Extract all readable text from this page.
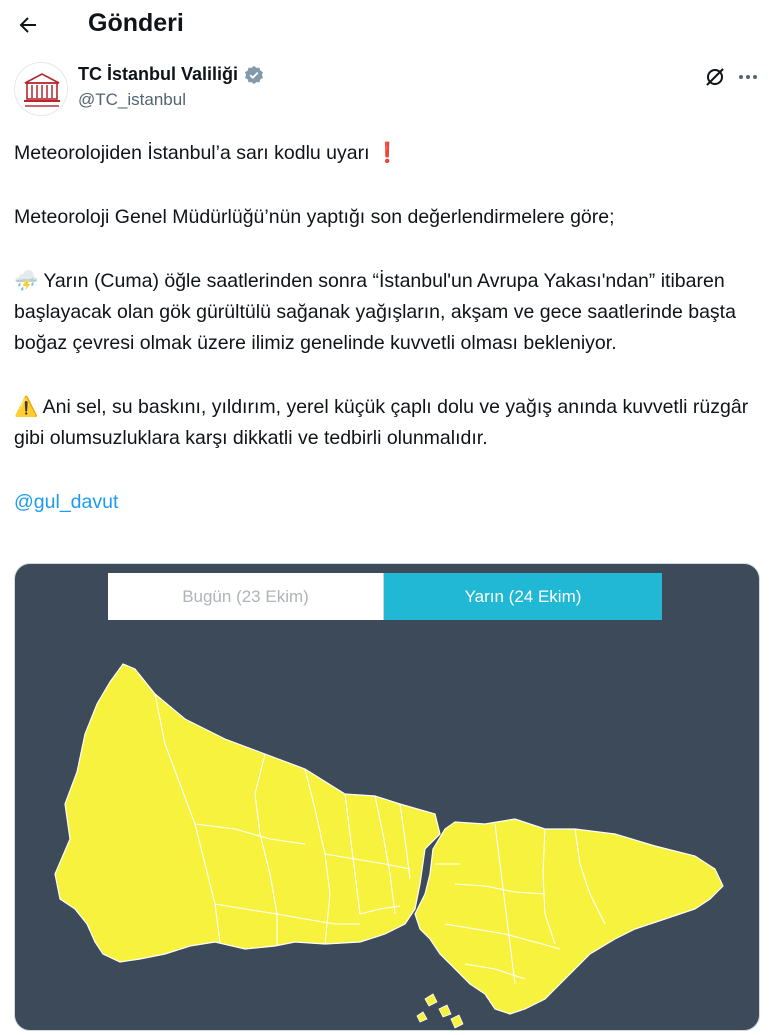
Gönderi
TC İstanbul Valiliği
@TC_istanbul

Meteorolojiden İstanbul’a sarı kodlu uyarı ❗

Meteoroloji Genel Müdürlüğü’nün yaptığı son değerlendirmelere göre;

⛈️ Yarın (Cuma) öğle saatlerinden sonra “İstanbul'un Avrupa Yakası'ndan” itibaren başlayacak olan gök gürültülü sağanak yağışların, akşam ve gece saatlerinde başta boğaz çevresi olmak üzere ilimiz genelinde kuvvetli olması bekleniyor.

⚠️ Ani sel, su baskını, yıldırım, yerel küçük çaplı dolu ve yağış anında kuvvetli rüzgâr gibi olumsuzluklara karşı dikkatli ve tedbirli olunmalıdır.

@gul_davut

Bugün (23 Ekim)	Yarın (24 Ekim)
